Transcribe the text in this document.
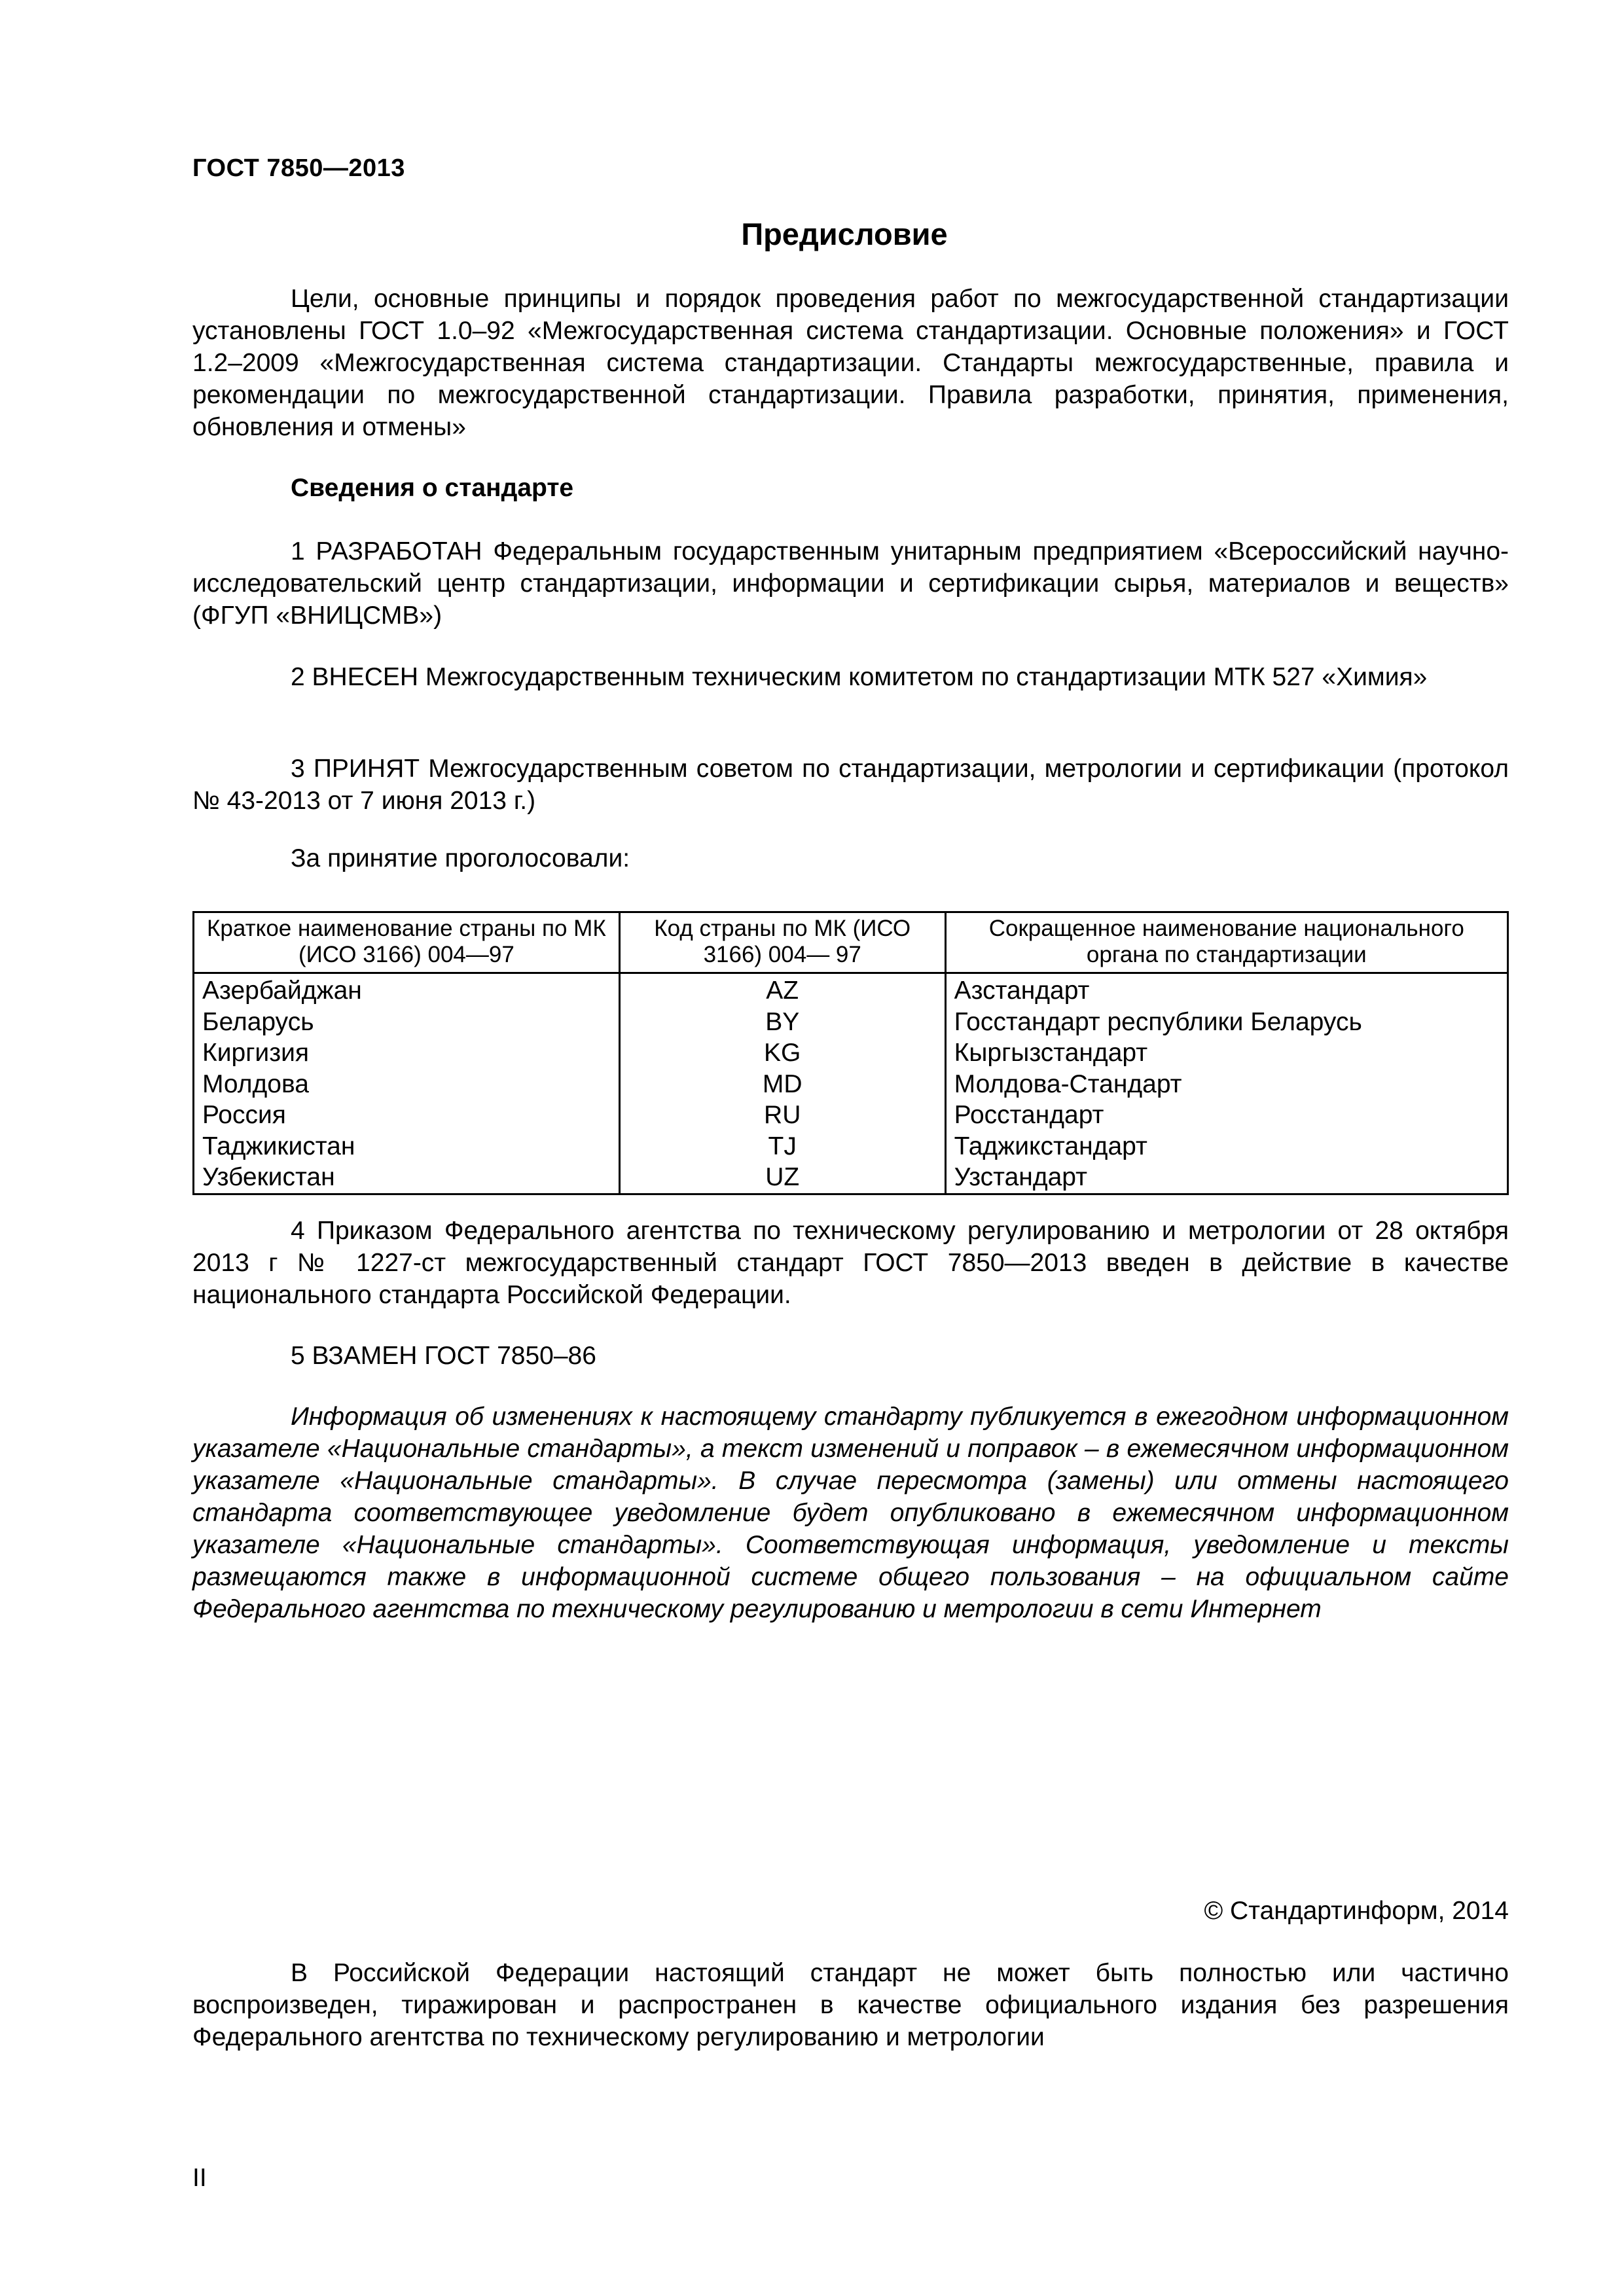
ГОСТ 7850—2013
Предисловие
Цели, основные принципы и порядок проведения работ по межгосударственной стандартизации установлены ГОСТ 1.0–92 «Межгосударственная система стандартизации. Основные положения» и ГОСТ 1.2–2009 «Межгосударственная система стандартизации. Стандарты межгосударственные, правила и рекомендации по межгосударственной стандартизации. Правила разработки, принятия, применения, обновления и отмены»
Сведения о стандарте
1 РАЗРАБОТАН Федеральным государственным унитарным предприятием «Всероссийский научно-исследовательский центр стандартизации, информации и сертификации сырья, материалов и веществ» (ФГУП «ВНИЦСМВ»)
2 ВНЕСЕН Межгосударственным техническим комитетом по стандартизации МТК 527 «Химия»
3 ПРИНЯТ Межгосударственным советом по стандартизации, метрологии и сертификации (протокол № 43-2013 от 7 июня 2013 г.)
За принятие проголосовали:
Краткое наименование страны по МК (ИСО 3166) 004—97	Код страны по МК (ИСО 3166) 004— 97	Сокращенное наименование национального органа по стандартизации
Азербайджан	AZ	Азстандарт
Беларусь	BY	Госстандарт республики Беларусь
Киргизия	KG	Кыргызстандарт
Молдова	MD	Молдова-Стандарт
Россия	RU	Росстандарт
Таджикистан	TJ	Таджикстандарт
Узбекистан	UZ	Узстандарт
4 Приказом Федерального агентства по техническому регулированию и метрологии от 28 октября 2013 г № 1227-ст межгосударственный стандарт ГОСТ 7850—2013 введен в действие в качестве национального стандарта Российской Федерации.
5 ВЗАМЕН ГОСТ 7850‒86
Информация об изменениях к настоящему стандарту публикуется в ежегодном информационном указателе «Национальные стандарты», а текст изменений и поправок – в ежемесячном информационном указателе «Национальные стандарты». В случае пересмотра (замены) или отмены настоящего стандарта соответствующее уведомление будет опубликовано в ежемесячном информационном указателе «Национальные стандарты». Соответствующая информация, уведомление и тексты размещаются также в информационной системе общего пользования – на официальном сайте Федерального агентства по техническому регулированию и метрологии в сети Интернет
© Стандартинформ, 2014
В Российской Федерации настоящий стандарт не может быть полностью или частично воспроизведен, тиражирован и распространен в качестве официального издания без разрешения Федерального агентства по техническому регулированию и метрологии
II
